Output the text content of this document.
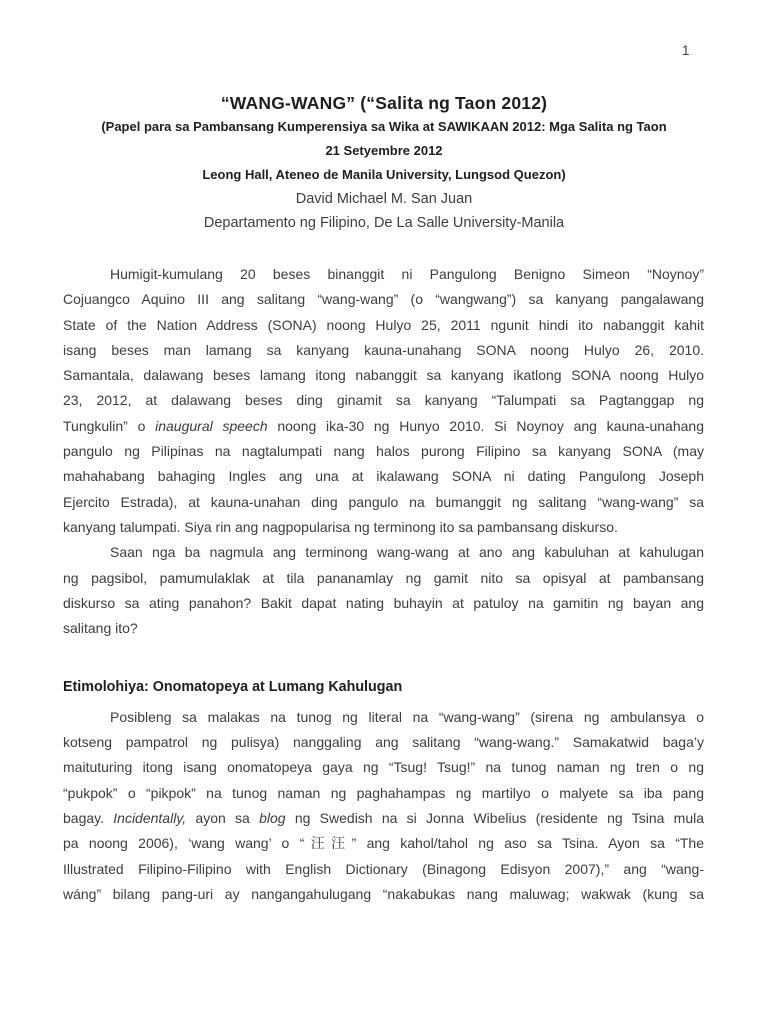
1
“WANG-WANG” (“Salita ng Taon 2012)
(Papel para sa Pambansang Kumperensiya sa Wika at SAWIKAAN 2012: Mga Salita ng Taon
21 Setyembre 2012
Leong Hall, Ateneo de Manila University, Lungsod Quezon)
David Michael M. San Juan
Departamento ng Filipino, De La Salle University-Manila
Humigit-kumulang 20 beses binanggit ni Pangulong Benigno Simeon “Noynoy”
Cojuangco Aquino III ang salitang “wang-wang” (o “wangwang”) sa kanyang pangalawang
State of the Nation Address (SONA) noong Hulyo 25, 2011 ngunit hindi ito nabanggit kahit
isang beses man lamang sa kanyang kauna-unahang SONA noong Hulyo 26, 2010.
Samantala, dalawang beses lamang itong nabanggit sa kanyang ikatlong SONA noong Hulyo
23, 2012, at dalawang beses ding ginamit sa kanyang “Talumpati sa Pagtanggap ng
Tungkulin” o inaugural speech noong ika-30 ng Hunyo 2010. Si Noynoy ang kauna-unahang
pangulo ng Pilipinas na nagtalumpati nang halos purong Filipino sa kanyang SONA (may
mahahabang bahaging Ingles ang una at ikalawang SONA ni dating Pangulong Joseph
Ejercito Estrada), at kauna-unahan ding pangulo na bumanggit ng salitang “wang-wang” sa
kanyang talumpati. Siya rin ang nagpopularisa ng terminong ito sa pambansang diskurso.
Saan nga ba nagmula ang terminong wang-wang at ano ang kabuluhan at kahulugan
ng pagsibol, pamumulaklak at tila pananamlay ng gamit nito sa opisyal at pambansang
diskurso sa ating panahon? Bakit dapat nating buhayin at patuloy na gamitin ng bayan ang
salitang ito?
Etimolohiya: Onomatopeya at Lumang Kahulugan
Posibleng sa malakas na tunog ng literal na “wang-wang” (sirena ng ambulansya o
kotseng pampatrol ng pulisya) nanggaling ang salitang “wang-wang.” Samakatwid baga’y
maituturing itong isang onomatopeya gaya ng “Tsug! Tsug!” na tunog naman ng tren o ng
“pukpok” o “pikpok” na tunog naman ng paghahampas ng martilyo o malyete sa iba pang
bagay. Incidentally, ayon sa blog ng Swedish na si Jonna Wibelius (residente ng Tsina mula
pa noong 2006), ‘wang wang’ o “汪汪” ang kahol/tahol ng aso sa Tsina. Ayon sa “The
Illustrated Filipino-Filipino with English Dictionary (Binagong Edisyon 2007),” ang “wang-
wáng” bilang pang-uri ay nangangahulugang “nakabukas nang maluwag; wakwak (kung sa
